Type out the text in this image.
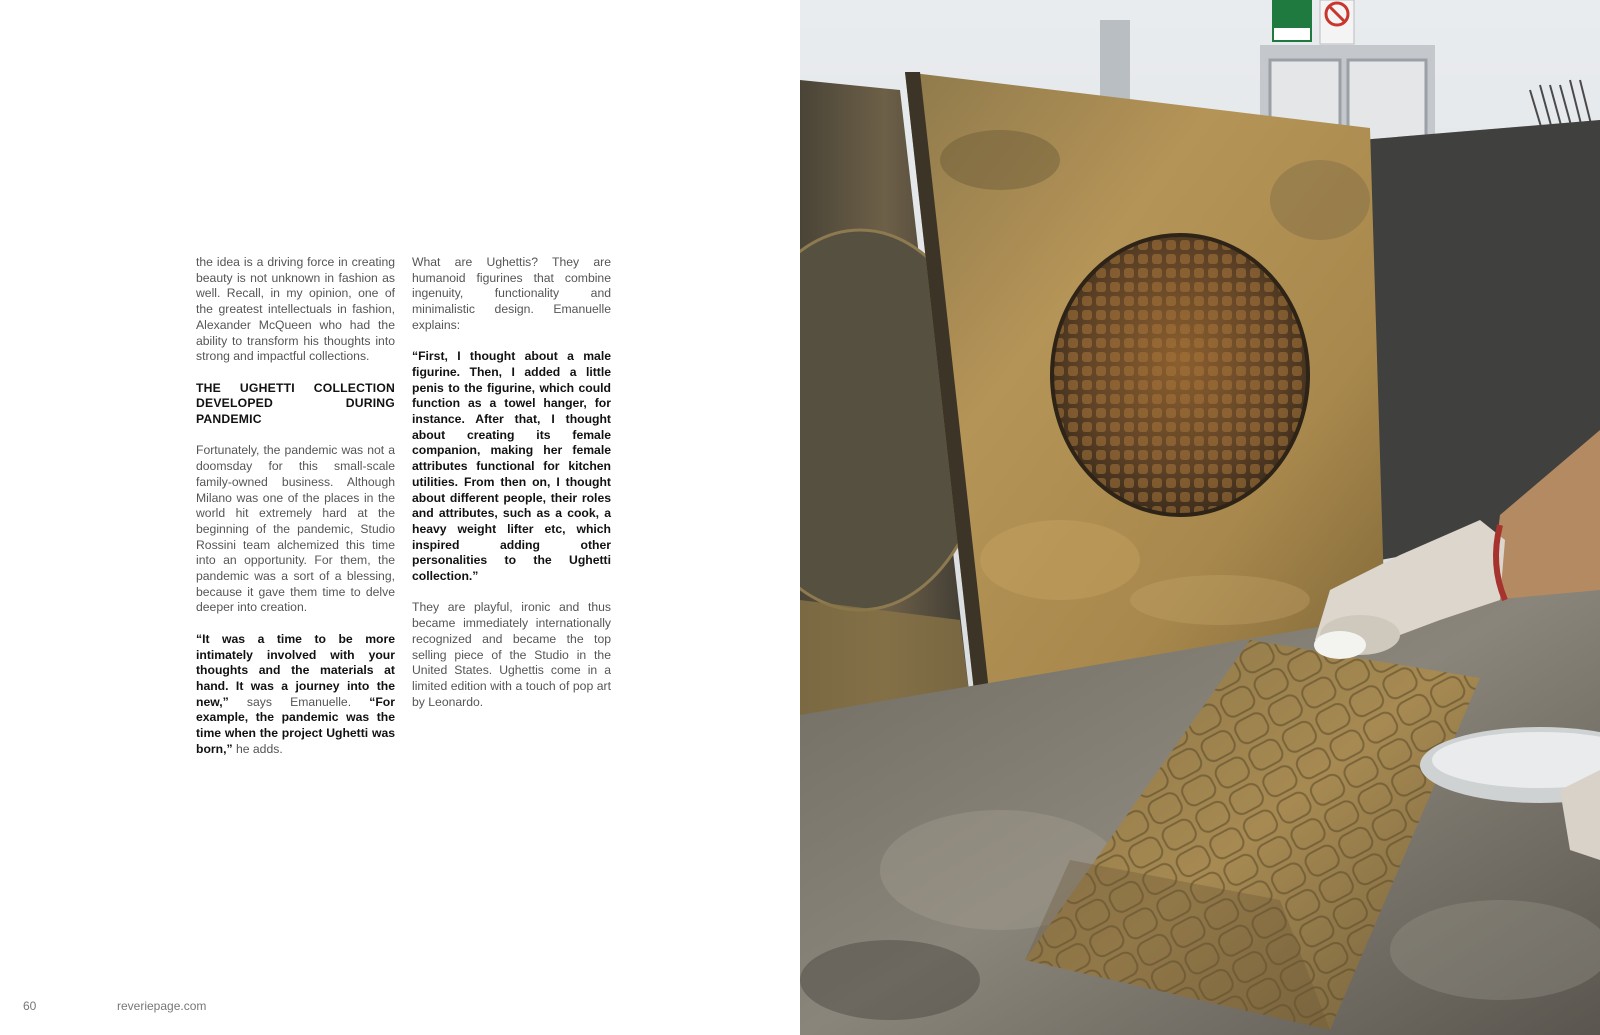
the idea is a driving force in creating beauty is not unknown in fashion as well. Recall, in my opinion, one of the greatest intellectuals in fashion, Alexander McQueen who had the ability to transform his thoughts into strong and impactful collections.

THE UGHETTI COLLECTION DEVELOPED DURING PANDEMIC

Fortunately, the pandemic was not a doomsday for this small-scale family-owned business. Although Milano was one of the places in the world hit extremely hard at the beginning of the pandemic, Studio Rossini team alchemized this time into an opportunity. For them, the pandemic was a sort of a blessing, because it gave them time to delve deeper into creation.

“It was a time to be more intimately involved with your thoughts and the materials at hand. It was a journey into the new,” says Emanuelle. “For example, the pandemic was the time when the project Ughetti was born,” he adds.

What are Ughettis? They are humanoid figurines that combine ingenuity, functionality and minimalistic design. Emanuelle explains:

“First, I thought about a male figurine. Then, I added a little penis to the figurine, which could function as a towel hanger, for instance. After that, I thought about creating its female companion, making her female attributes functional for kitchen utilities. From then on, I thought about different people, their roles and attributes, such as a cook, a heavy weight lifter etc, which inspired adding other personalities to the Ughetti collection.”

They are playful, ironic and thus became immediately internationally recognized and became the top selling piece of the Studio in the United States. Ughettis come in a limited edition with a touch of pop art by Leonardo.

60	reveriepage.com
